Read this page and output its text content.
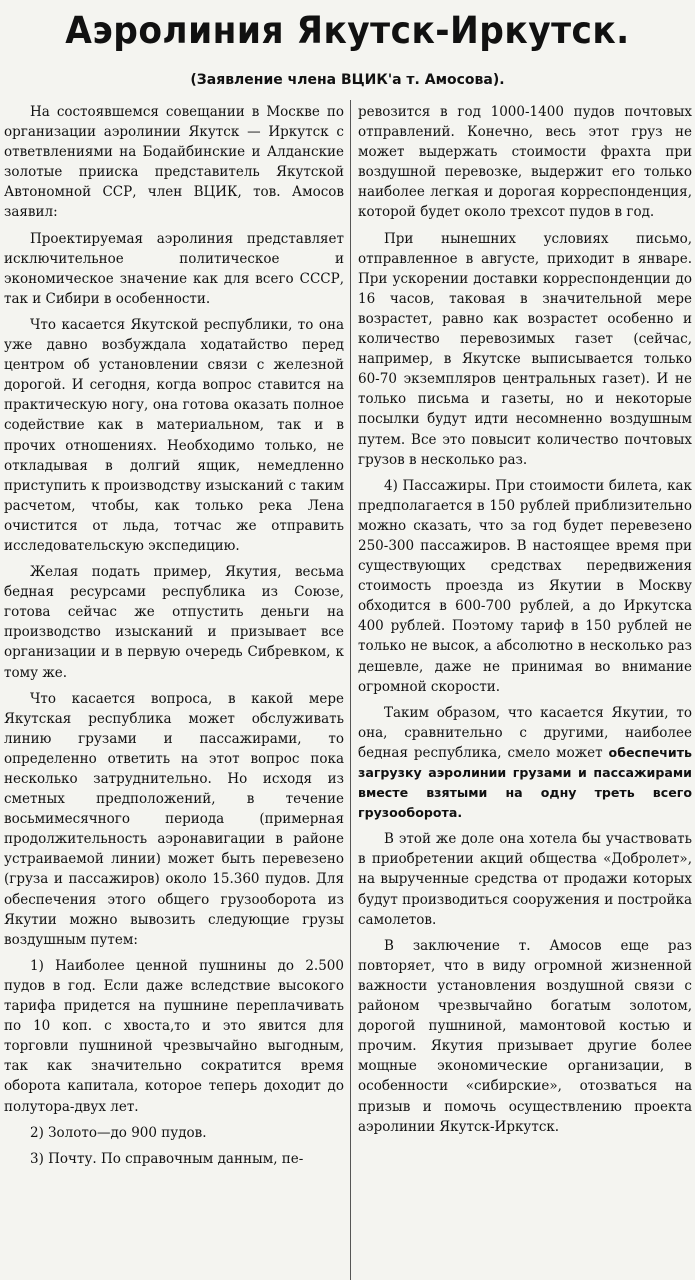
Аэролиния Якутск-Иркутск.
(Заявление члена ВЦИК'а т. Амосова).

На состоявшемся совещании в Москве по организации аэролинии Якутск — Иркутск с ответвлениями на Бодайбинские и Алданские золотые прииска представитель Якутской Автономной ССР, член ВЦИК, тов. Амосов заявил:

Проектируемая аэролиния представляет исключительное политическое и экономическое значение как для всего СССР, так и Сибири в особенности.

Что касается Якутской республики, то она уже давно возбуждала ходатайство перед центром об установлении связи с железной дорогой. И сегодня, когда вопрос ставится на практическую ногу, она готова оказать полное содействие как в материальном, так и в прочих отношениях. Необходимо только, не откладывая в долгий ящик, немедленно приступить к производству изысканий с таким расчетом, чтобы, как только река Лена очистится от льда, тотчас же отправить исследовательскую экспедицию.

Желая подать пример, Якутия, весьма бедная ресурсами республика из Союзе, готова сейчас же отпустить деньги на производство изысканий и призывает все организации и в первую очередь Сибревком, к тому же.

Что касается вопроса, в какой мере Якутская республика может обслуживать линию грузами и пассажирами, то определенно ответить на этот вопрос пока несколько затруднительно. Но исходя из сметных предположений, в течение восьмимесячного периода (примерная продолжительность аэронавигации в районе устраиваемой линии) может быть перевезено (груза и пассажиров) около 15.360 пудов. Для обеспечения этого общего грузооборота из Якутии можно вывозить следующие грузы воздушным путем:

1) Наиболее ценной пушнины до 2.500 пудов в год. Если даже вследствие высокого тарифа придется на пушнине переплачивать по 10 коп. с хвоста,то и это явится для торговли пушниной чрезвычайно выгодным, так как значительно сократится время оборота капитала, которое теперь доходит до полутора-двух лет.

2) Золото—до 900 пудов.

3) Почту. По справочным данным, пе-

ревозится в год 1000-1400 пудов почтовых отправлений. Конечно, весь этот груз не может выдержать стоимости фрахта при воздушной перевозке, выдержит его только наиболее легкая и дорогая корреспонденция, которой будет около трехсот пудов в год.

При нынешних условиях письмо, отправленное в августе, приходит в январе. При ускорении доставки корреспонденции до 16 часов, таковая в значительной мере возрастет, равно как возрастет особенно и количество перевозимых газет (сейчас, например, в Якутске выписывается только 60-70 экземпляров центральных газет). И не только письма и газеты, но и некоторые посылки будут идти несомненно воздушным путем. Все это повысит количество почтовых грузов в несколько раз.

4) Пассажиры. При стоимости билета, как предполагается в 150 рублей приблизительно можно сказать, что за год будет перевезено 250-300 пассажиров. В настоящее время при существующих средствах передвижения стоимость проезда из Якутии в Москву обходится в 600-700 рублей, а до Иркутска 400 рублей. Поэтому тариф в 150 рублей не только не высок, а абсолютно в несколько раз дешевле, даже не принимая во внимание огромной скорости.

Таким образом, что касается Якутии, то она, сравнительно с другими, наиболее бедная республика, смело может обеспечить загрузку аэролинии грузами и пассажирами вместе взятыми на одну треть всего грузооборота.

В этой же доле она хотела бы участвовать в приобретении акций общества «Добролет», на вырученные средства от продажи которых будут производиться сооружения и постройка самолетов.

В заключение т. Амосов еще раз повторяет, что в виду огромной жизненной важности установления воздушной связи с районом чрезвычайно богатым золотом, дорогой пушниной, мамонтовой костью и прочим. Якутия призывает другие более мощные экономические организации, в особенности «сибирские», отозваться на призыв и помочь осуществлению проекта аэролинии Якутск-Иркутск.
